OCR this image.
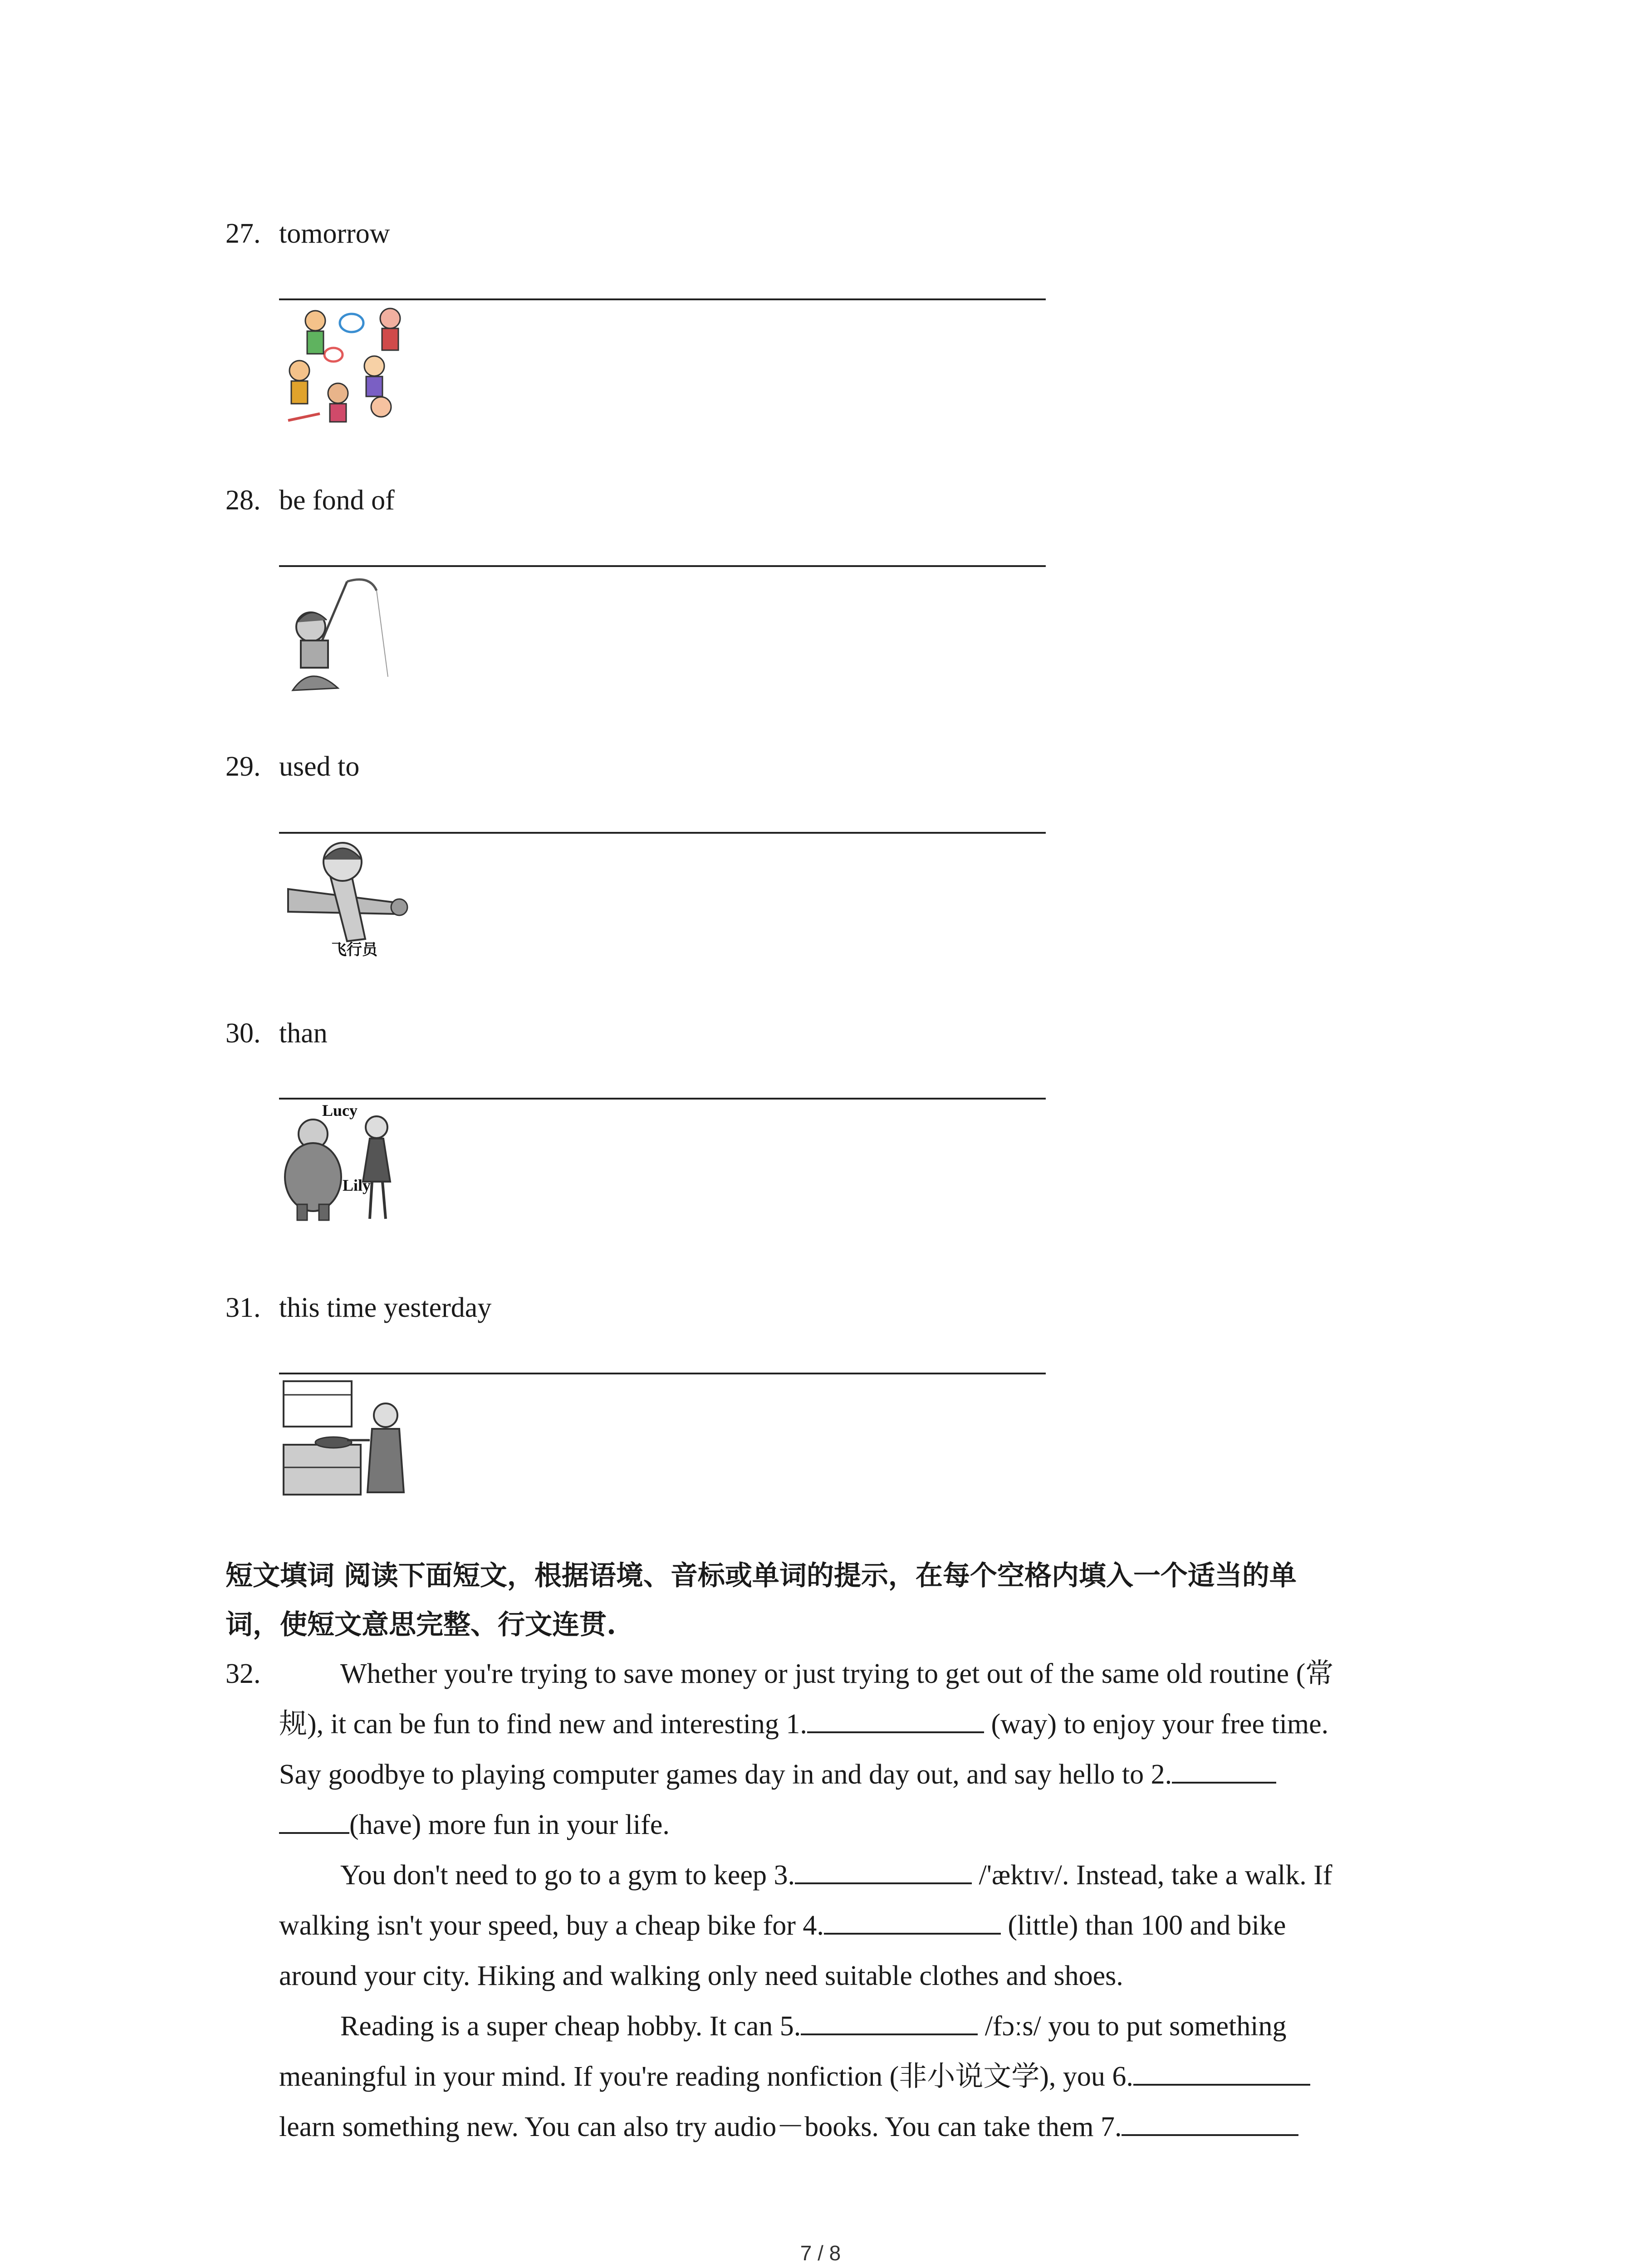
27. tomorrow
28. be fond of
29. used to
飞行员
30. than
Lucy
Lily
31. this time yesterday
短文填词 阅读下面短文，根据语境、音标或单词的提示，在每个空格内填入一个适当的单
词，使短文意思完整、行文连贯.
32.	Whether you're trying to save money or just trying to get out of the same old routine (常
规), it can be fun to find new and interesting 1.	(way) to enjoy your free time.
Say goodbye to playing computer games day in and day out, and say hello to 2.
(have) more fun in your life.
You don't need to go to a gym to keep 3.	/'æktɪv/. Instead, take a walk. If
walking isn't your speed, buy a cheap bike for 4.	(little) than 100 and bike
around your city. Hiking and walking only need suitable clothes and shoes.
Reading is a super cheap hobby. It can 5.	/fɔːs/ you to put something
meaningful in your mind. If you're reading nonfiction (非小说文学), you 6.
learn something new. You can also try audio－books. You can take them 7.
7 / 8
